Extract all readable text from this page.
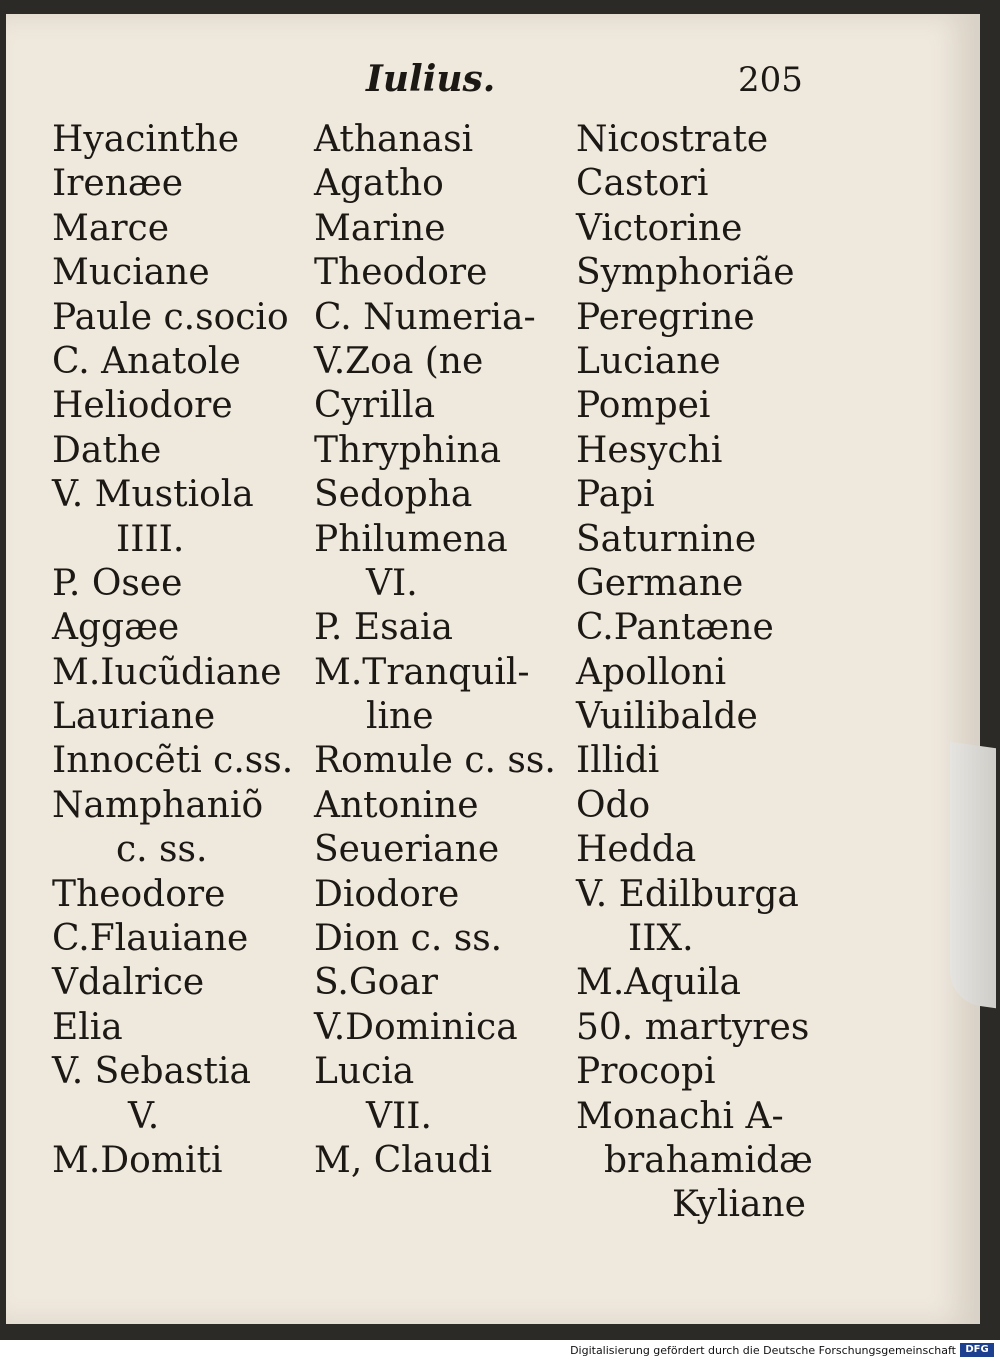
Iulius.	205
Hyacinthe
Irenæe
Marce
Muciane
Paule c.socio
C. Anatole
Heliodore
Dathe
V. Mustiola
IIII.
P. Osee
Aggæe
M.Iucũdiane
Lauriane
Innocẽti c.ss.
Namphaniõ
c. ss.
Theodore
C.Flauiane
Vdalrice
Elia
V. Sebastia
V.
M.Domiti
Athanasi
Agatho
Marine
Theodore
C. Numeria-
V.Zoa (ne
Cyrilla
Thryphina
Sedopha
Philumena
VI.
P. Esaia
M.Tranquil-
line
Romule c. ss.
Antonine
Seueriane
Diodore
Dion c. ss.
S.Goar
V.Dominica
Lucia
VII.
M, Claudi
Nicostrate
Castori
Victorine
Symphoriãe
Peregrine
Luciane
Pompei
Hesychi
Papi
Saturnine
Germane
C.Pantæne
Apolloni
Vuilibalde
Illidi
Odo
Hedda
V. Edilburga
IIX.
M.Aquila
50. martyres
Procopi
Monachi A-
brahamidæ
Kyliane
Digitalisierung gefördert durch die Deutsche Forschungsgemeinschaft DFG
